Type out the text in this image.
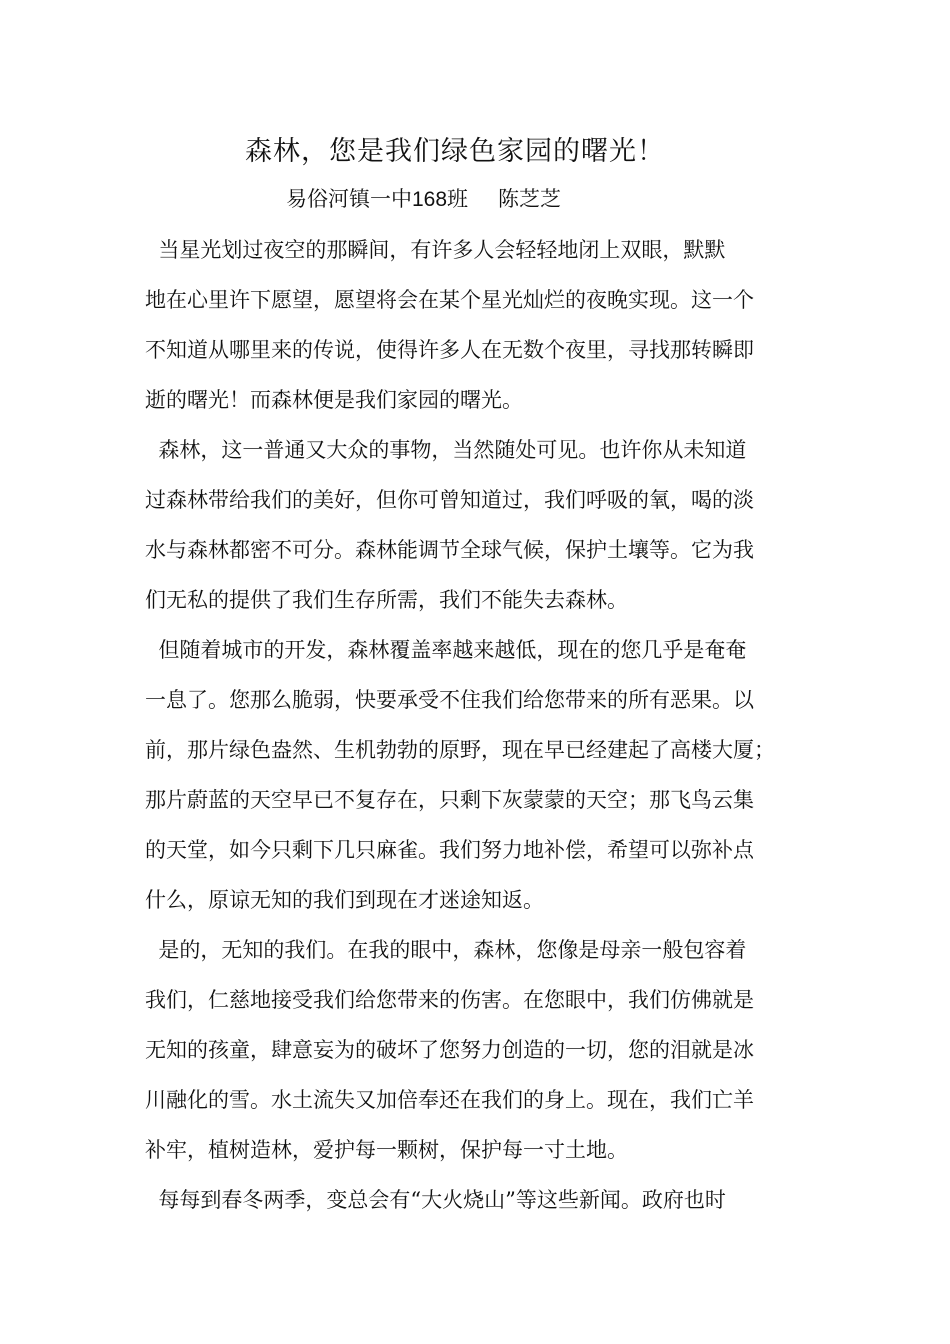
森林，您是我们绿色家园的曙光！
易俗河镇一中168班 陈芝芝
当星光划过夜空的那瞬间，有许多人会轻轻地闭上双眼，默默
地在心里许下愿望，愿望将会在某个星光灿烂的夜晚实现。这一个
不知道从哪里来的传说，使得许多人在无数个夜里，寻找那转瞬即
逝的曙光！而森林便是我们家园的曙光。
森林，这一普通又大众的事物，当然随处可见。也许你从未知道
过森林带给我们的美好，但你可曾知道过，我们呼吸的氧，喝的淡
水与森林都密不可分。森林能调节全球气候，保护土壤等。它为我
们无私的提供了我们生存所需，我们不能失去森林。
但随着城市的开发，森林覆盖率越来越低，现在的您几乎是奄奄
一息了。您那么脆弱，快要承受不住我们给您带来的所有恶果。以
前，那片绿色盎然、生机勃勃的原野，现在早已经建起了高楼大厦；
那片蔚蓝的天空早已不复存在，只剩下灰蒙蒙的天空；那飞鸟云集
的天堂，如今只剩下几只麻雀。我们努力地补偿，希望可以弥补点
什么，原谅无知的我们到现在才迷途知返。
是的，无知的我们。在我的眼中，森林，您像是母亲一般包容着
我们，仁慈地接受我们给您带来的伤害。在您眼中，我们仿佛就是
无知的孩童，肆意妄为的破坏了您努力创造的一切，您的泪就是冰
川融化的雪。水土流失又加倍奉还在我们的身上。现在，我们亡羊
补牢，植树造林，爱护每一颗树，保护每一寸土地。
每每到春冬两季，变总会有“大火烧山”等这些新闻。政府也时
